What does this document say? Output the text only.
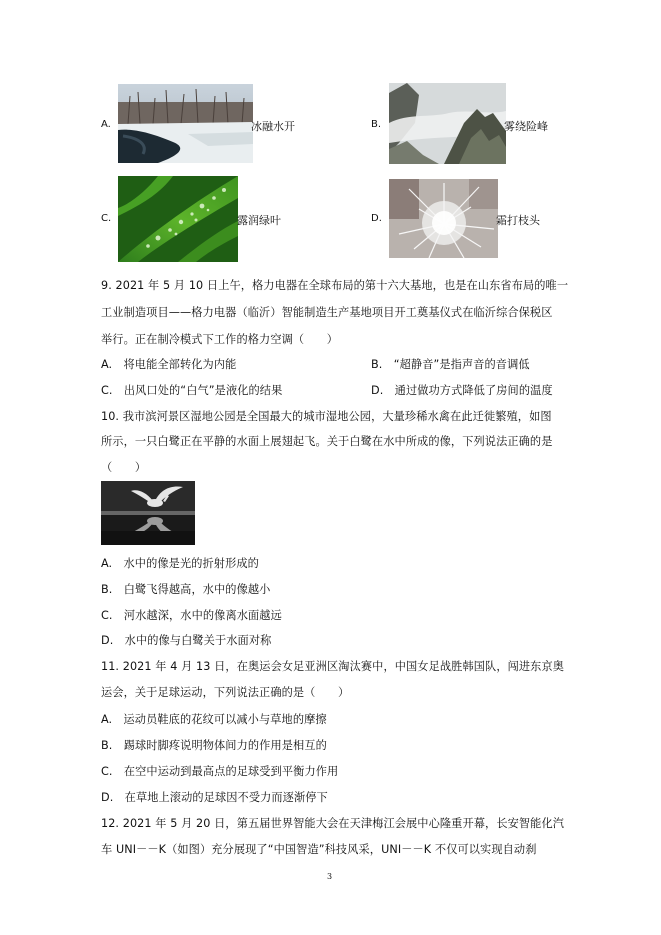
A.	冰融水开	B.	雾绕险峰
C.	露润绿叶	D.	霜打枝头
9. 2021 年 5 月 10 日上午，格力电器在全球布局的第十六大基地，也是在山东省布局的唯一
工业制造项目——格力电器（临沂）智能制造生产基地项目开工奠基仪式在临沂综合保税区
举行。正在制冷模式下工作的格力空调（　　）
A.　将电能全部转化为内能	B.　“超静音”是指声音的音调低
C.　出风口处的“白气”是液化的结果	D.　通过做功方式降低了房间的温度
10. 我市滨河景区湿地公园是全国最大的城市湿地公园，大量珍稀水禽在此迁徙繁殖，如图
所示，一只白鹭正在平静的水面上展翅起飞。关于白鹭在水中所成的像，下列说法正确的是
（　　）
A.　水中的像是光的折射形成的
B.　白鹭飞得越高，水中的像越小
C.　河水越深，水中的像离水面越远
D.　水中的像与白鹭关于水面对称
11. 2021 年 4 月 13 日，在奥运会女足亚洲区淘汰赛中，中国女足战胜韩国队，闯进东京奥
运会，关于足球运动，下列说法正确的是（　　）
A.　运动员鞋底的花纹可以减小与草地的摩擦
B.　踢球时脚疼说明物体间力的作用是相互的
C.　在空中运动到最高点的足球受到平衡力作用
D.　在草地上滚动的足球因不受力而逐渐停下
12. 2021 年 5 月 20 日，第五届世界智能大会在天津梅江会展中心隆重开幕，长安智能化汽
车 UNI－－K（如图）充分展现了“中国智造”科技风采，UNI－－K 不仅可以实现自动刹
3
